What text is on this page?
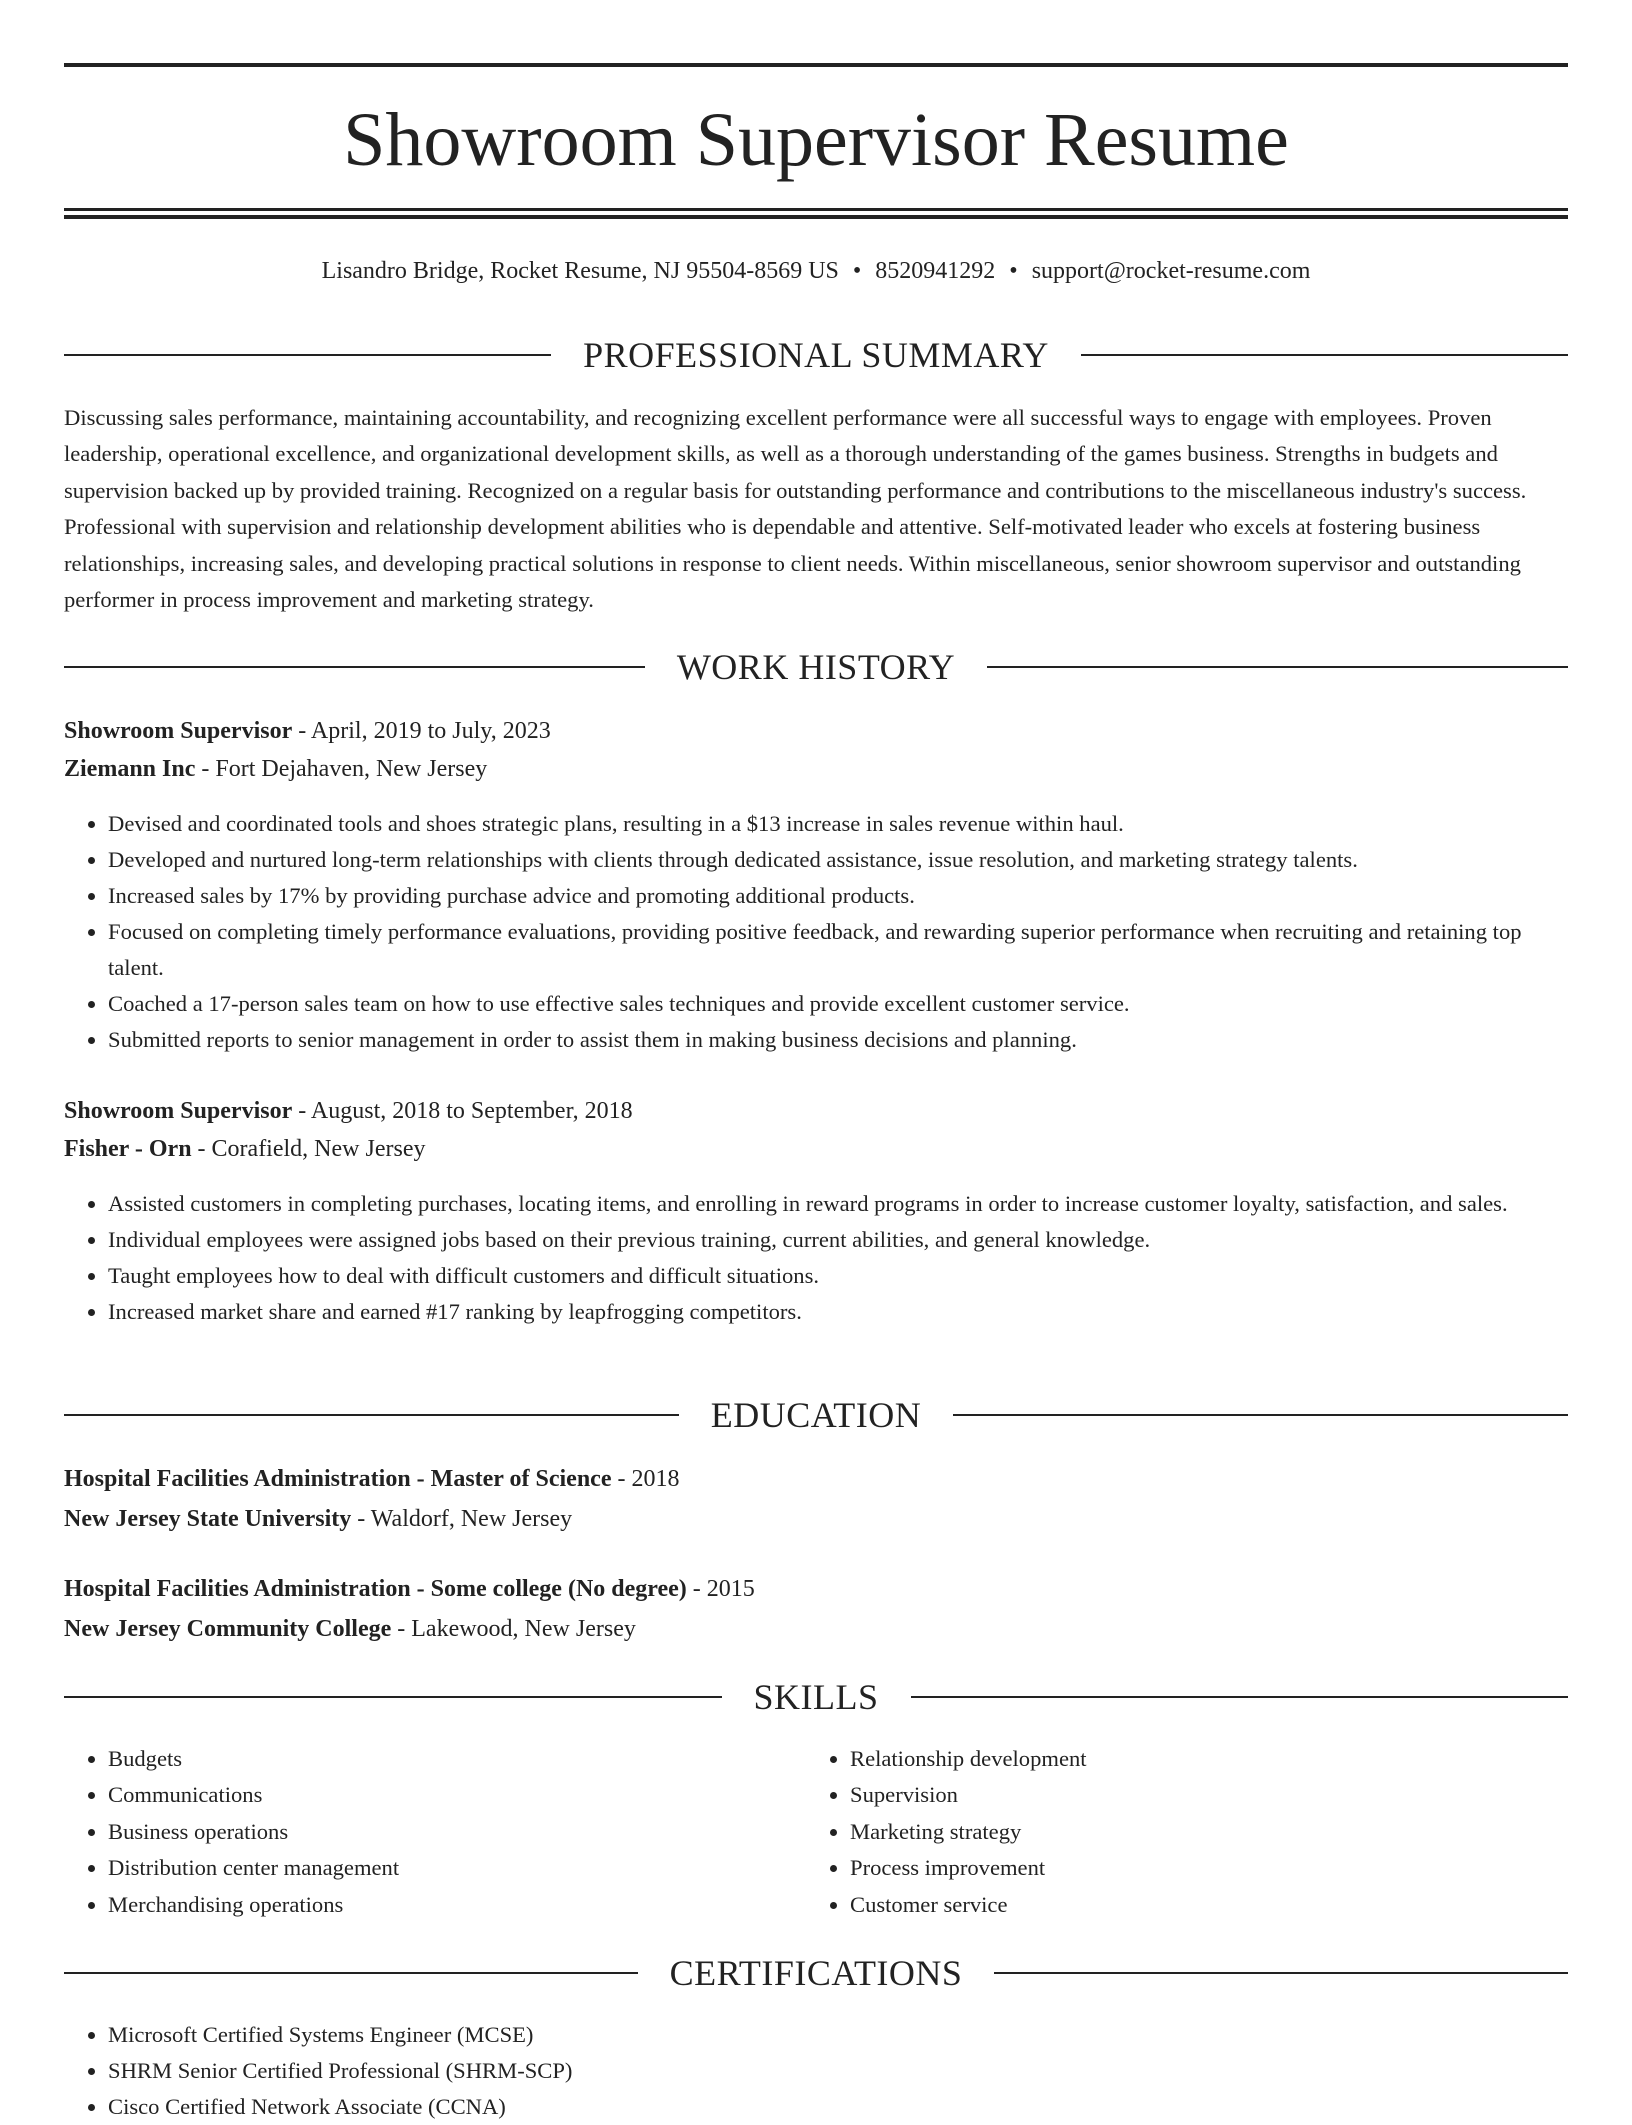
Showroom Supervisor Resume
Lisandro Bridge, Rocket Resume, NJ 95504-8569 US • 8520941292 • support@rocket-resume.com
PROFESSIONAL SUMMARY

Discussing sales performance, maintaining accountability, and recognizing excellent performance were all successful ways to engage with employees. Proven leadership, operational excellence, and organizational development skills, as well as a thorough understanding of the games business. Strengths in budgets and supervision backed up by provided training. Recognized on a regular basis for outstanding performance and contributions to the miscellaneous industry's success. Professional with supervision and relationship development abilities who is dependable and attentive. Self-motivated leader who excels at fostering business relationships, increasing sales, and developing practical solutions in response to client needs. Within miscellaneous, senior showroom supervisor and outstanding performer in process improvement and marketing strategy.

WORK HISTORY
Showroom Supervisor - April, 2019 to July, 2023
Ziemann Inc - Fort Dejahaven, New Jersey
• Devised and coordinated tools and shoes strategic plans, resulting in a $13 increase in sales revenue within haul.
• Developed and nurtured long-term relationships with clients through dedicated assistance, issue resolution, and marketing strategy talents.
• Increased sales by 17% by providing purchase advice and promoting additional products.
• Focused on completing timely performance evaluations, providing positive feedback, and rewarding superior performance when recruiting and retaining top talent.
• Coached a 17-person sales team on how to use effective sales techniques and provide excellent customer service.
• Submitted reports to senior management in order to assist them in making business decisions and planning.
Showroom Supervisor - August, 2018 to September, 2018
Fisher - Orn - Corafield, New Jersey
• Assisted customers in completing purchases, locating items, and enrolling in reward programs in order to increase customer loyalty, satisfaction, and sales.
• Individual employees were assigned jobs based on their previous training, current abilities, and general knowledge.
• Taught employees how to deal with difficult customers and difficult situations.
• Increased market share and earned #17 ranking by leapfrogging competitors.
EDUCATION
Hospital Facilities Administration - Master of Science - 2018
New Jersey State University - Waldorf, New Jersey
Hospital Facilities Administration - Some college (No degree) - 2015
New Jersey Community College - Lakewood, New Jersey
SKILLS
• Budgets
• Communications
• Business operations
• Distribution center management
• Merchandising operations
• Relationship development
• Supervision
• Marketing strategy
• Process improvement
• Customer service
CERTIFICATIONS
• Microsoft Certified Systems Engineer (MCSE)
• SHRM Senior Certified Professional (SHRM-SCP)
• Cisco Certified Network Associate (CCNA)
